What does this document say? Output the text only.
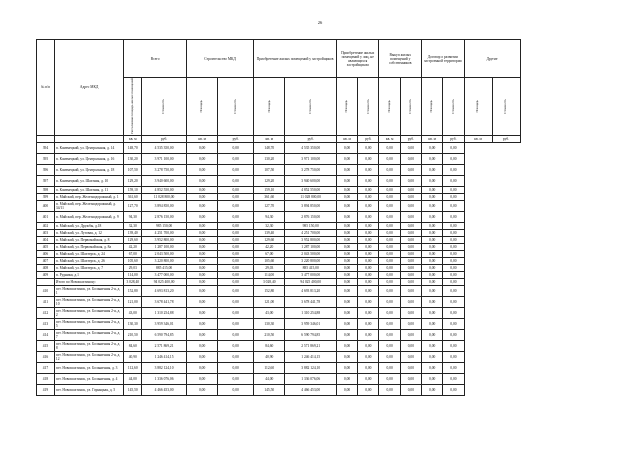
26
№ п/п	Адрес МКД	Всего		Строительство МКД		Приобретение жилых помещений у застройщиков		Приобретение жилых помещений у лиц, не являющихся застройщиком		Выкуп жилых помещений у собственников		Договор о развитии застроенной территории		Другие		
		Расселяемая площадь жилых помещений	Стоимость	Площадь	Стоимость	Площадь	Стоимость	Площадь	Стоимость	Площадь	Стоимость	Площадь	Стоимость	Площадь	Стоимость	
		кв. м	руб.	кв. м	руб.	кв. м	руб.	кв. м	руб.	кв. м	руб.	кв. м	руб.	кв. м	руб.	
394	п. Каменецкий, ул. Центральная, д. 14	148,70	4 535 350,00	0,00	0,00	148,70	4 535 350,00	0,00	0,00	0,00	0,00	0,00	0,00			
395	п. Каменецкий, ул. Центральная, д. 16	130,20	3 971 100,00	0,00	0,00	130,20	3 971 100,00	0,00	0,00	0,00	0,00	0,00	0,00			
396	п. Каменецкий, ул. Центральная, д. 18	107,50	3 278 750,00	0,00	0,00	107,50	3 278 750,00	0,00	0,00	0,00	0,00	0,00	0,00			
397	п. Каменецкий, ул. Шахтная, д. 10	129,20	3 940 600,00	0,00	0,00	129,20	3 940 600,00	0,00	0,00	0,00	0,00	0,00	0,00			
398	п. Каменецкий, ул. Шахтная, д. 11	159,10	4 852 550,00	0,00	0,00	159,10	4 852 550,00	0,00	0,00	0,00	0,00	0,00	0,00			
399	п. Майский, пер. Железнодорожный, д. 1	361,60	11 028 800,00	0,00	0,00	361,60	11 028 800,00	0,00	0,00	0,00	0,00	0,00	0,00			
400	п. Майский, пер. Железнодорожный, д. 34/11	127,70	3 894 850,00	0,00	0,00	127,70	3 894 850,00	0,00	0,00	0,00	0,00	0,00	0,00			
401	п. Майский, пер. Железнодорожный, д. 9	94,30	2 876 150,00	0,00	0,00	94,30	2 876 150,00	0,00	0,00	0,00	0,00	0,00	0,00			
402	п. Майский, ул. Дружбы, д.18	32,30	985 150,00	0,00	0,00	32,30	985 150,00	0,00	0,00	0,00	0,00	0,00	0,00			
403	п. Майский, ул. Луговая, д. 12	139,40	4 251 700,00	0,00	0,00	139,40	4 251 700,00	0,00	0,00	0,00	0,00	0,00	0,00			
404	п. Майский, ул. Первомайская, д. 8	129,60	3 952 800,00	0,00	0,00	129,60	3 952 800,00	0,00	0,00	0,00	0,00	0,00	0,00			
405	п. Майский, ул. Первомайская, д. 8а	42,20	1 287 100,00	0,00	0,00	42,20	1 287 100,00	0,00	0,00	0,00	0,00	0,00	0,00			
406	п. Майский, ул. Шахтерск, д. 24	67,00	2 043 500,00	0,00	0,00	67,00	2 043 500,00	0,00	0,00	0,00	0,00	0,00	0,00			
407	п. Майский, ул. Шахтерск, д. 26	105,60	3 220 800,00	0,00	0,00	105,60	3 220 800,00	0,00	0,00	0,00	0,00	0,00	0,00			
408	п. Майский, ул. Шахтерск, д. 7	29,03	885 415,00	0,00	0,00	29,03	885 415,00	0,00	0,00	0,00	0,00	0,00	0,00			
409	п. Рудники, д.1	114,00	3 477 000,00	0,00	0,00	114,00	3 477 000,00	0,00	0,00	0,00	0,00	0,00	0,00			
	Итого по Новошахтинску:	3 028,40	94 025 400,00	0,00	0,00	3 028,40	94 025 400,00	0,00	0,00	0,00	0,00	0,00	0,00			
410	пгт. Новошахтинск, ул. Больничная 2-я, д. 1	152,80	4 693 813,20	0,00	0,00	152,80	4 693 813,20	0,00	0,00	0,00	0,00	0,00	0,00			
411	пгт. Новошахтинск, ул. Больничная 2-я, д. 10	121,00	3 678 441,78	0,00	0,00	121,00	3 678 441,78	0,00	0,00	0,00	0,00	0,00	0,00			
412	пгт. Новошахтинск, ул. Больничная 2-я, д. 2	43,00	1 310 254,88	0,00	0,00	43,00	1 310 254,88	0,00	0,00	0,00	0,00	0,00	0,00			
413	пгт. Новошахтинск, ул. Больничная 2-я, д. 5	130,30	3 959 346,01	0,00	0,00	130,30	3 959 346,01	0,00	0,00	0,00	0,00	0,00	0,00			
414	пгт. Новошахтинск, ул. Больничная 2-я, д. 7	210,50	6 590 794,85	0,00	0,00	210,50	6 590 794,85	0,00	0,00	0,00	0,00	0,00	0,00			
415	пгт. Новошахтинск, ул. Больничная 2-я, д. 8	84,60	2 571 869,21	0,00	0,00	84,60	2 571 869,21	0,00	0,00	0,00	0,00	0,00	0,00			
416	пгт. Новошахтинск, ул. Больничная 2-я, д. 12	40,90	1 246 414,15	0,00	0,00	40,90	1 246 414,15	0,00	0,00	0,00	0,00	0,00	0,00			
417	пгт. Новошахтинск, ул. Больничная, д. 3	112,60	3 882 124,10	0,00	0,00	112,60	3 882 124,10	0,00	0,00	0,00	0,00	0,00	0,00			
418	пгт. Новошахтинск, ул. Больничная, д. 4	44,00	1 336 076,06	0,00	0,00	44,00	1 336 076,06	0,00	0,00	0,00	0,00	0,00	0,00			
419	пгт. Новошахтинск, ул. Горняцкая, д. 5	145,50	4 466 453,00	0,00	0,00	145,50	4 466 453,00	0,00	0,00	0,00	0,00	0,00	0,00			
